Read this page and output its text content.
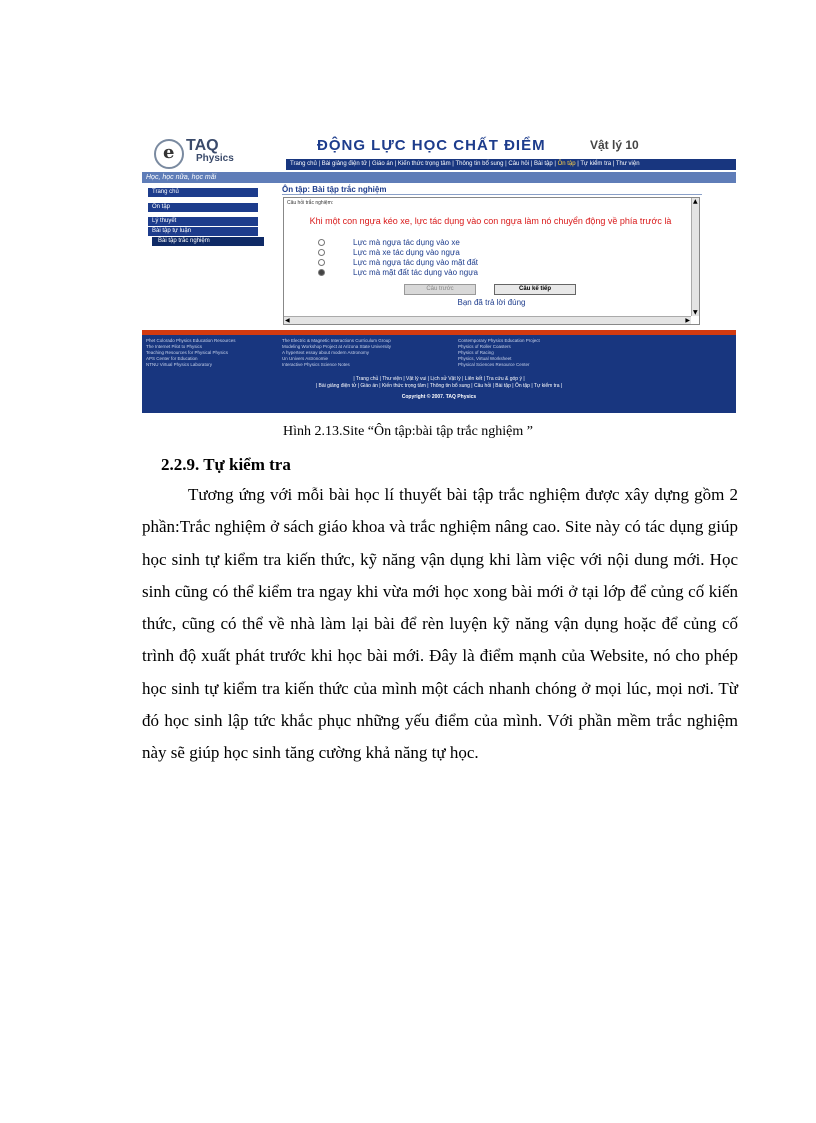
e TAQ
Physics
ĐỘNG LỰC HỌC CHẤT ĐIỂM	Vật lý 10
Trang chủ | Bài giảng điện tử | Giáo án | Kiến thức trọng tâm | Thông tin bổ sung | Câu hỏi | Bài tập | Ôn tập | Tự kiểm tra | Thư viện
Học, học nữa, học mãi
Trang chủ
Ôn tập
Lý thuyết
Bài tập tự luận
Bài tập trắc nghiệm
Ôn tập: Bài tập trắc nghiệm
Câu hỏi trắc nghiệm:
Khi một con ngựa kéo xe, lực tác dụng vào con ngựa làm nó chuyển động về phía trước là
Lực mà ngựa tác dụng vào xe
Lực mà xe tác dụng vào ngựa
Lực mà ngựa tác dụng vào mặt đất
Lực mà mặt đất tác dụng vào ngựa
Câu trước	Câu kế tiếp
Bạn đã trả lời đúng
▲
▼
◀	▶
Phet Colorado Physics Education Resources
The Internet Pilot to Physics
Teaching Resources for Physical Physics
APS Center for Education
NTNU Virtual Physics Laboratory
The Electric & Magnetic Interactions Curriculum Group
Modeling Workshop Project at Arizona State University
A hypertext essay about modern Astronomy
Un Univers Astronomie
Interactive Physics Science Notes
Contemporary Physics Education Project
Physics of Roller Coasters
Physics of Racing
Physics, Virtual Worksheet
Physical Sciences Resource Center
| Trang chủ | Thư viện | Vật lý vui | Lịch sử Vật lý | Liên kết | Tra cứu & góp ý |
| Bài giảng điện tử | Giáo án | Kiến thức trọng tâm | Thông tin bổ sung | Câu hỏi | Bài tập | Ôn tập | Tự kiểm tra |
Copyright © 2007. TAQ Physics
Hình 2.13.Site “Ôn tập:bài tập trắc nghiệm ”
2.2.9. Tự kiểm tra

Tương ứng với mỗi bài học lí thuyết bài tập trắc nghiệm được xây dựng gồm 2 phần:Trắc nghiệm ở sách giáo khoa và trắc nghiệm nâng cao. Site này có tác dụng giúp học sinh tự kiểm tra kiến thức, kỹ năng vận dụng khi làm việc với nội dung mới. Học sinh cũng có thể kiểm tra ngay khi vừa mới học xong bài mới ở tại lớp để củng cố kiến thức, cũng có thể về nhà làm lại bài để rèn luyện kỹ năng vận dụng hoặc để củng cố trình độ xuất phát trước khi học bài mới. Đây là điểm mạnh của Website, nó cho phép học sinh tự kiểm tra kiến thức của mình một cách nhanh chóng ở mọi lúc, mọi nơi. Từ đó học sinh lập tức khắc phục những yếu điểm của mình. Với phần mềm trắc nghiệm này sẽ giúp học sinh tăng cường khả năng tự học.
